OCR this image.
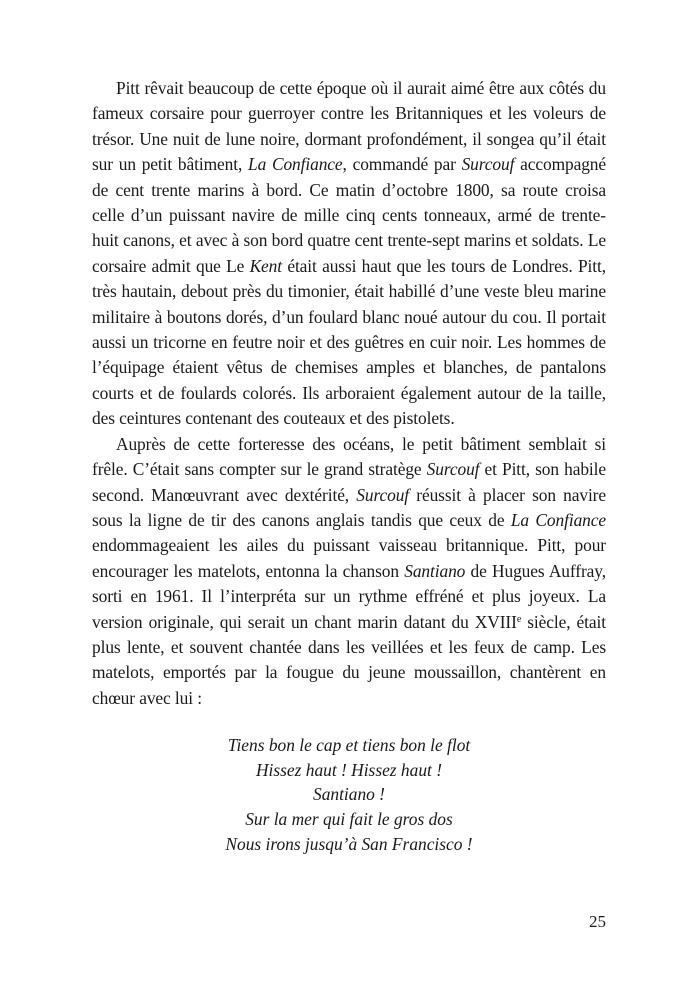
Pitt rêvait beaucoup de cette époque où il aurait aimé être aux côtés du fameux corsaire pour guerroyer contre les Britanniques et les voleurs de trésor. Une nuit de lune noire, dormant profondément, il songea qu’il était sur un petit bâtiment, La Confiance, commandé par Surcouf accompagné de cent trente marins à bord. Ce matin d’octobre 1800, sa route croisa celle d’un puissant navire de mille cinq cents tonneaux, armé de trente-huit canons, et avec à son bord quatre cent trente-sept marins et soldats. Le corsaire admit que Le Kent était aussi haut que les tours de Londres. Pitt, très hautain, debout près du timonier, était habillé d’une veste bleu marine militaire à boutons dorés, d’un foulard blanc noué autour du cou. Il portait aussi un tricorne en feutre noir et des guêtres en cuir noir. Les hommes de l’équipage étaient vêtus de chemises amples et blanches, de pantalons courts et de foulards colorés. Ils arboraient également autour de la taille, des ceintures contenant des couteaux et des pistolets.

Auprès de cette forteresse des océans, le petit bâtiment semblait si frêle. C’était sans compter sur le grand stratège Surcouf et Pitt, son habile second. Manœuvrant avec dextérité, Surcouf réussit à placer son navire sous la ligne de tir des canons anglais tandis que ceux de La Confiance endommageaient les ailes du puissant vaisseau britannique. Pitt, pour encourager les matelots, entonna la chanson Santiano de Hugues Auffray, sorti en 1961. Il l’interpréta sur un rythme effréné et plus joyeux. La version originale, qui serait un chant marin datant du XVIIIe siècle, était plus lente, et souvent chantée dans les veillées et les feux de camp. Les matelots, emportés par la fougue du jeune moussaillon, chantèrent en chœur avec lui :

Tiens bon le cap et tiens bon le flot
Hissez haut ! Hissez haut !
Santiano !
Sur la mer qui fait le gros dos
Nous irons jusqu’à San Francisco !
25
